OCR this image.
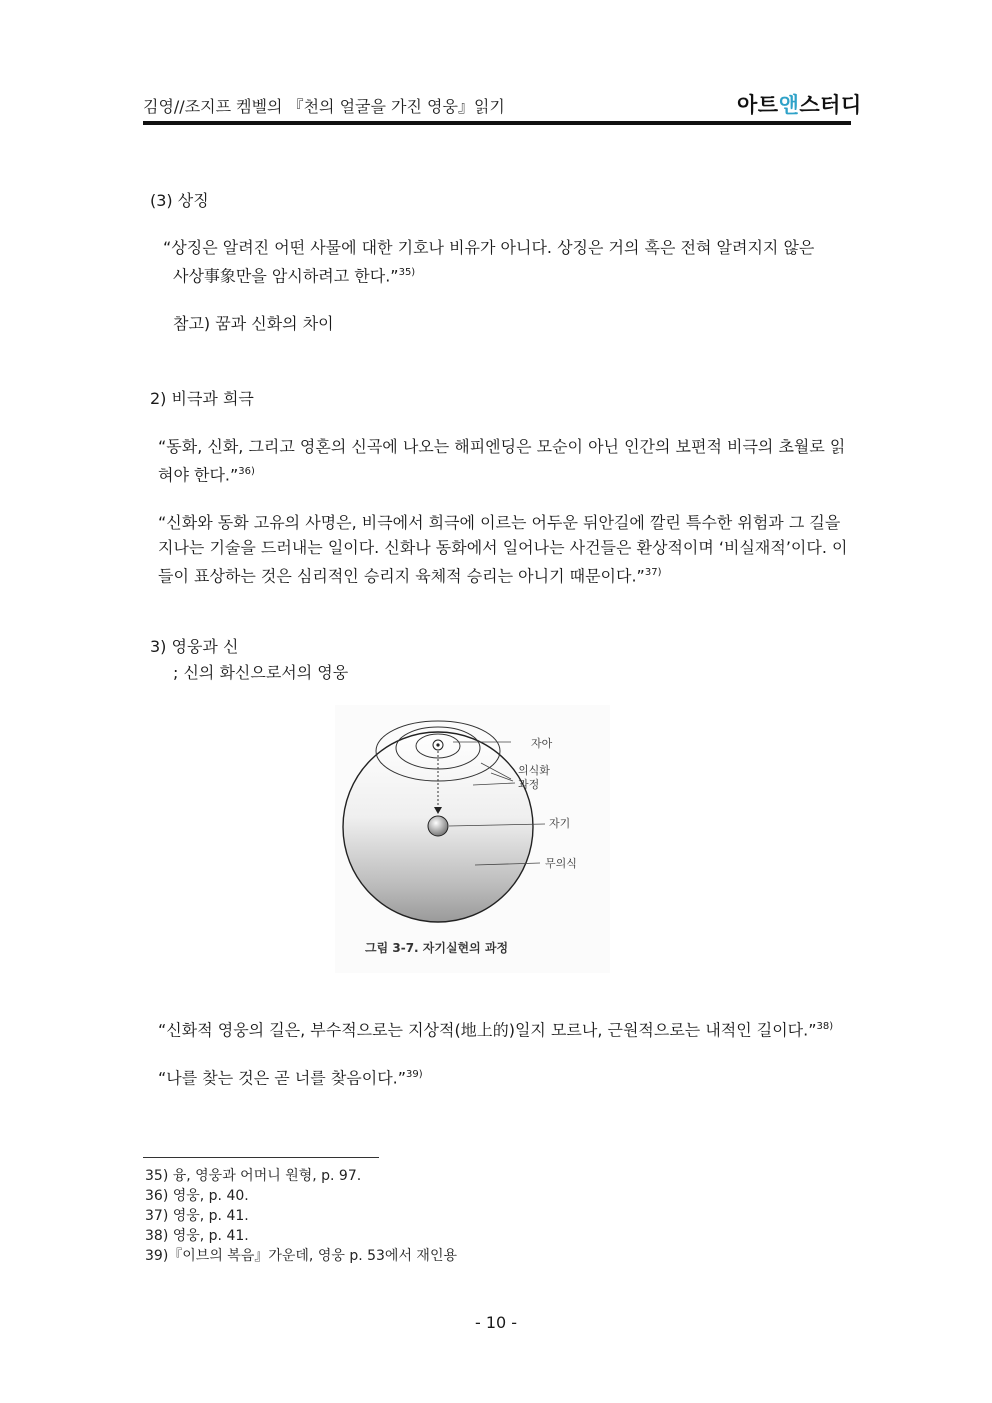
김영//조지프 켐벨의 『천의 얼굴을 가진 영웅』읽기	아트앤스터디
(3) 상징
“상징은 알려진 어떤 사물에 대한 기호나 비유가 아니다. 상징은 거의 혹은 전혀 알려지지 않은
사상事象만을 암시하려고 한다.”$^{35)}$
참고) 꿈과 신화의 차이
2) 비극과 희극
“동화, 신화, 그리고 영혼의 신곡에 나오는 해피엔딩은 모순이 아닌 인간의 보편적 비극의 초월로 읽
혀야 한다.”$^{36)}$
“신화와 동화 고유의 사명은, 비극에서 희극에 이르는 어두운 뒤안길에 깔린 특수한 위험과 그 길을
지나는 기술을 드러내는 일이다. 신화나 동화에서 일어나는 사건들은 환상적이며 ‘비실재적’이다. 이
들이 표상하는 것은 심리적인 승리지 육체적 승리는 아니기 때문이다.”$^{37)}$
3) 영웅과 신
; 신의 화신으로서의 영웅
자아
의식화
과정
자기
무의식
그림 3-7. 자기실현의 과정
“신화적 영웅의 길은, 부수적으로는 지상적(地上的)일지 모르나, 근원적으로는 내적인 길이다.”$^{38)}$
“나를 찾는 것은 곧 너를 찾음이다.”$^{39)}$
35) 융, 영웅과 어머니 원형, p. 97.
36) 영웅, p. 40.
37) 영웅, p. 41.
38) 영웅, p. 41.
39)『이브의 복음』가운데, 영웅 p. 53에서 재인용
- 10 -
